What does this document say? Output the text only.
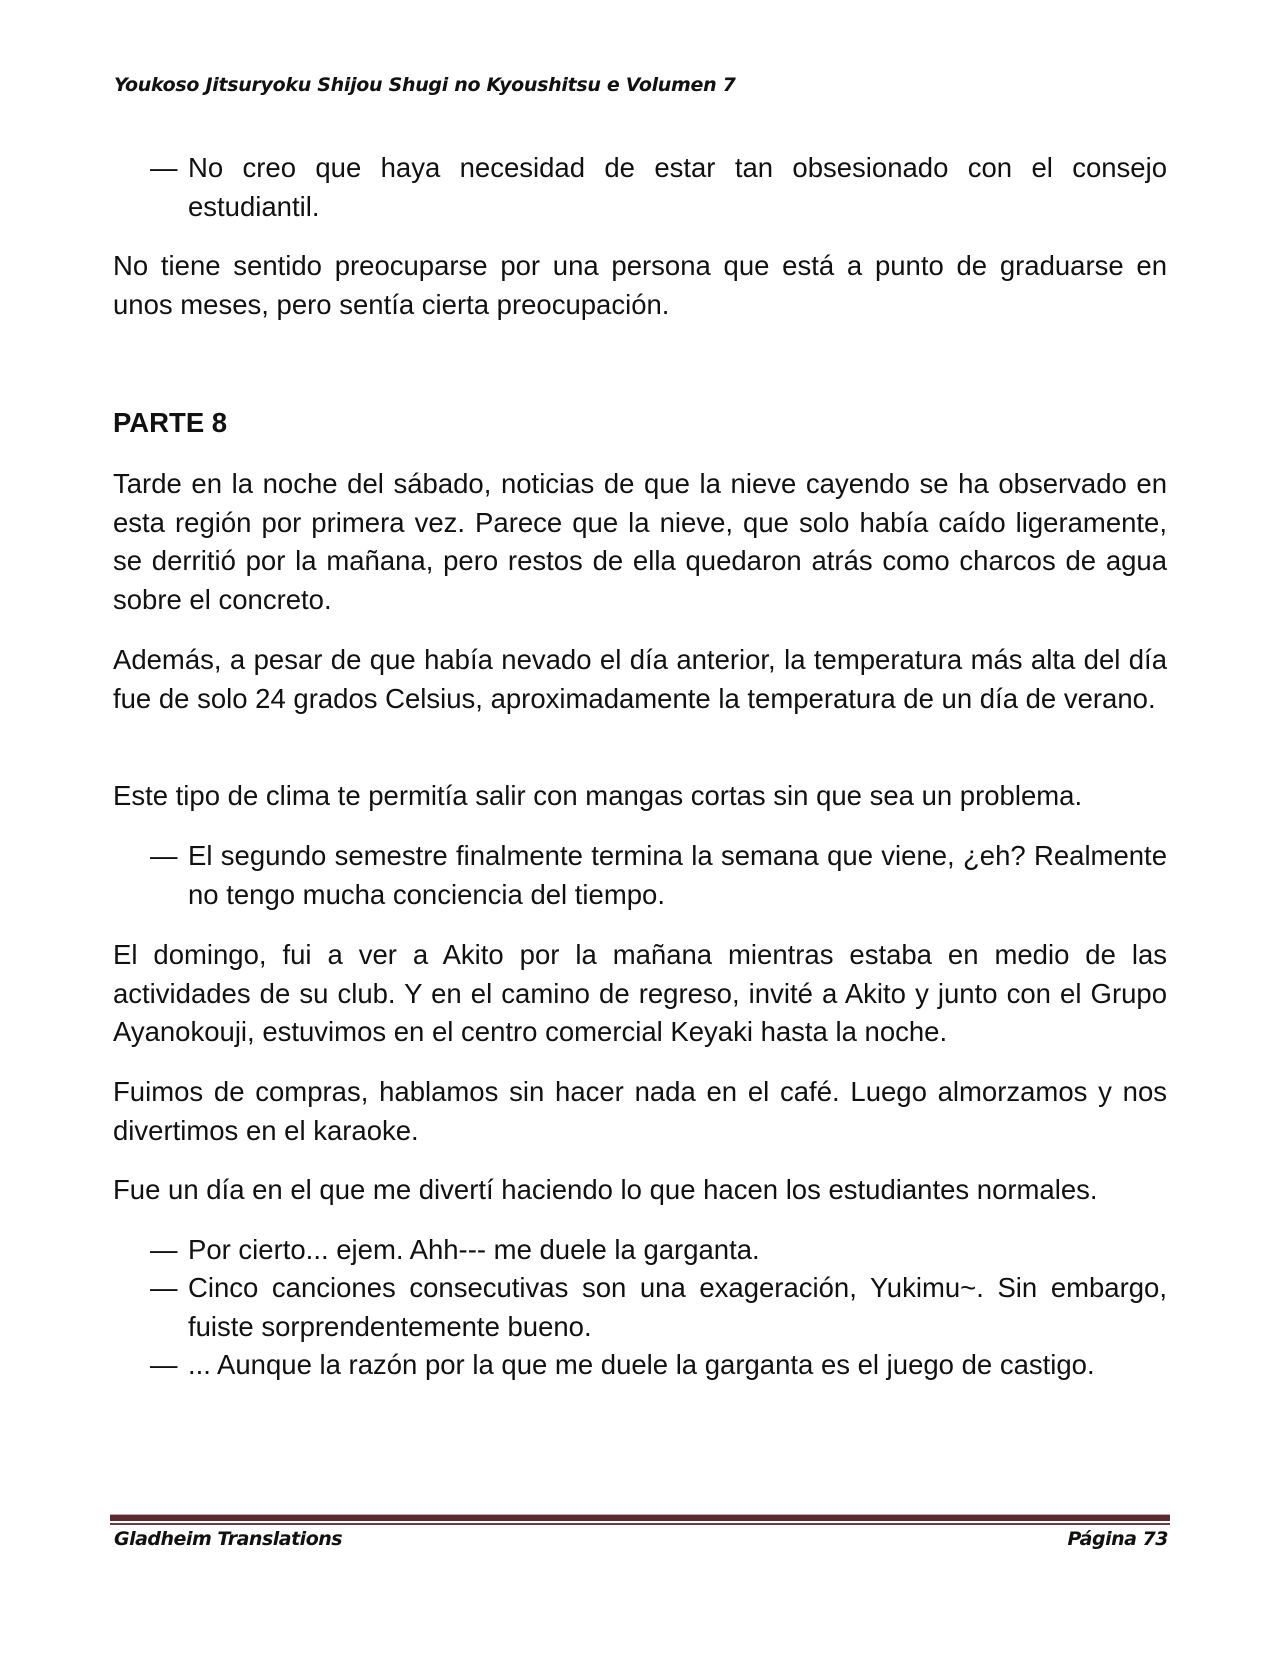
Youkoso Jitsuryoku Shijou Shugi no Kyoushitsu e Volumen 7
— No creo que haya necesidad de estar tan obsesionado con el consejo estudiantil.

No tiene sentido preocuparse por una persona que está a punto de graduarse en unos meses, pero sentía cierta preocupación.

PARTE 8

Tarde en la noche del sábado, noticias de que la nieve cayendo se ha observado en esta región por primera vez. Parece que la nieve, que solo había caído ligeramente, se derritió por la mañana, pero restos de ella quedaron atrás como charcos de agua sobre el concreto.

Además, a pesar de que había nevado el día anterior, la temperatura más alta del día fue de solo 24 grados Celsius, aproximadamente la temperatura de un día de verano.

Este tipo de clima te permitía salir con mangas cortas sin que sea un problema.

— El segundo semestre finalmente termina la semana que viene, ¿eh? Realmente no tengo mucha conciencia del tiempo.

El domingo, fui a ver a Akito por la mañana mientras estaba en medio de las actividades de su club. Y en el camino de regreso, invité a Akito y junto con el Grupo Ayanokouji, estuvimos en el centro comercial Keyaki hasta la noche.

Fuimos de compras, hablamos sin hacer nada en el café. Luego almorzamos y nos divertimos en el karaoke.

Fue un día en el que me divertí haciendo lo que hacen los estudiantes normales.

— Por cierto... ejem. Ahh--- me duele la garganta.
— Cinco canciones consecutivas son una exageración, Yukimu~. Sin embargo, fuiste sorprendentemente bueno.
— ... Aunque la razón por la que me duele la garganta es el juego de castigo.
Gladheim Translations	Página 73
